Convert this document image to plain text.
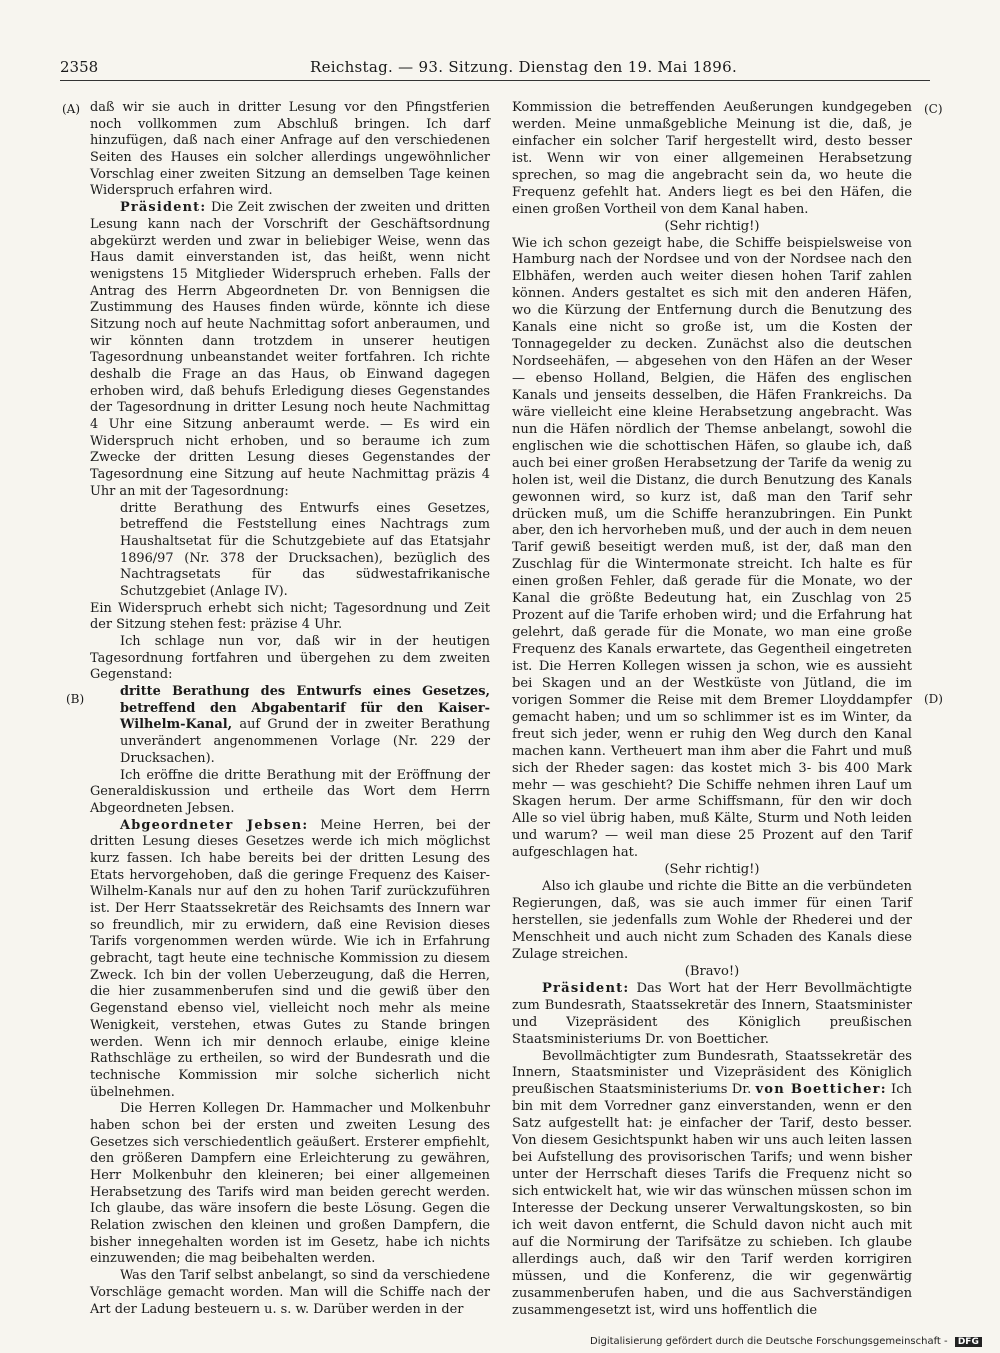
2358	Reichstag. — 93. Sitzung. Dienstag den 19. Mai 1896.
(A)
(B)
(C)
(D)

daß wir sie auch in dritter Lesung vor den Pfingstferien noch vollkommen zum Abschluß bringen. Ich darf hinzufügen, daß nach einer Anfrage auf den verschiedenen Seiten des Hauses ein solcher allerdings ungewöhnlicher Vorschlag einer zweiten Sitzung an demselben Tage keinen Widerspruch erfahren wird.

Präsident: Die Zeit zwischen der zweiten und dritten Lesung kann nach der Vorschrift der Geschäftsordnung abgekürzt werden und zwar in beliebiger Weise, wenn das Haus damit einverstanden ist, das heißt, wenn nicht wenigstens 15 Mitglieder Widerspruch erheben. Falls der Antrag des Herrn Abgeordneten Dr. von Bennigsen die Zustimmung des Hauses finden würde, könnte ich diese Sitzung noch auf heute Nachmittag sofort anberaumen, und wir könnten dann trotzdem in unserer heutigen Tagesordnung unbeanstandet weiter fortfahren. Ich richte deshalb die Frage an das Haus, ob Einwand dagegen erhoben wird, daß behufs Erledigung dieses Gegenstandes der Tagesordnung in dritter Lesung noch heute Nachmittag 4 Uhr eine Sitzung anberaumt werde. — Es wird ein Widerspruch nicht erhoben, und so beraume ich zum Zwecke der dritten Lesung dieses Gegenstandes der Tagesordnung eine Sitzung auf heute Nachmittag präzis 4 Uhr an mit der Tagesordnung:

dritte Berathung des Entwurfs eines Gesetzes, betreffend die Feststellung eines Nachtrags zum Haushaltsetat für die Schutzgebiete auf das Etatsjahr 1896/97 (Nr. 378 der Drucksachen), bezüglich des Nachtragsetats für das südwestafrikanische Schutzgebiet (Anlage IV).

Ein Widerspruch erhebt sich nicht; Tagesordnung und Zeit der Sitzung stehen fest: präzise 4 Uhr.

Ich schlage nun vor, daß wir in der heutigen Tagesordnung fortfahren und übergehen zu dem zweiten Gegenstand:

dritte Berathung des Entwurfs eines Gesetzes, betreffend den Abgabentarif für den Kaiser-Wilhelm-Kanal, auf Grund der in zweiter Berathung unverändert angenommenen Vorlage (Nr. 229 der Drucksachen).

Ich eröffne die dritte Berathung mit der Eröffnung der Generaldiskussion und ertheile das Wort dem Herrn Abgeordneten Jebsen.

Abgeordneter Jebsen: Meine Herren, bei der dritten Lesung dieses Gesetzes werde ich mich möglichst kurz fassen. Ich habe bereits bei der dritten Lesung des Etats hervorgehoben, daß die geringe Frequenz des Kaiser-Wilhelm-Kanals nur auf den zu hohen Tarif zurückzuführen ist. Der Herr Staatssekretär des Reichsamts des Innern war so freundlich, mir zu erwidern, daß eine Revision dieses Tarifs vorgenommen werden würde. Wie ich in Erfahrung gebracht, tagt heute eine technische Kommission zu diesem Zweck. Ich bin der vollen Ueberzeugung, daß die Herren, die hier zusammenberufen sind und die gewiß über den Gegenstand ebenso viel, vielleicht noch mehr als meine Wenigkeit, verstehen, etwas Gutes zu Stande bringen werden. Wenn ich mir dennoch erlaube, einige kleine Rathschläge zu ertheilen, so wird der Bundesrath und die technische Kommission mir solche sicherlich nicht übelnehmen.

Die Herren Kollegen Dr. Hammacher und Molkenbuhr haben schon bei der ersten und zweiten Lesung des Gesetzes sich verschiedentlich geäußert. Ersterer empfiehlt, den größeren Dampfern eine Erleichterung zu gewähren, Herr Molkenbuhr den kleineren; bei einer allgemeinen Herabsetzung des Tarifs wird man beiden gerecht werden. Ich glaube, das wäre insofern die beste Lösung. Gegen die Relation zwischen den kleinen und großen Dampfern, die bisher innegehalten worden ist im Gesetz, habe ich nichts einzuwenden; die mag beibehalten werden.

Was den Tarif selbst anbelangt, so sind da verschiedene Vorschläge gemacht worden. Man will die Schiffe nach der Art der Ladung besteuern u. s. w. Darüber werden in der

Kommission die betreffenden Aeußerungen kundgegeben werden. Meine unmaßgebliche Meinung ist die, daß, je einfacher ein solcher Tarif hergestellt wird, desto besser ist. Wenn wir von einer allgemeinen Herabsetzung sprechen, so mag die angebracht sein da, wo heute die Frequenz gefehlt hat. Anders liegt es bei den Häfen, die einen großen Vortheil von dem Kanal haben.

(Sehr richtig!)

Wie ich schon gezeigt habe, die Schiffe beispielsweise von Hamburg nach der Nordsee und von der Nordsee nach den Elbhäfen, werden auch weiter diesen hohen Tarif zahlen können. Anders gestaltet es sich mit den anderen Häfen, wo die Kürzung der Entfernung durch die Benutzung des Kanals eine nicht so große ist, um die Kosten der Tonnagegelder zu decken. Zunächst also die deutschen Nordseehäfen, — abgesehen von den Häfen an der Weser — ebenso Holland, Belgien, die Häfen des englischen Kanals und jenseits desselben, die Häfen Frankreichs. Da wäre vielleicht eine kleine Herabsetzung angebracht. Was nun die Häfen nördlich der Themse anbelangt, sowohl die englischen wie die schottischen Häfen, so glaube ich, daß auch bei einer großen Herabsetzung der Tarife da wenig zu holen ist, weil die Distanz, die durch Benutzung des Kanals gewonnen wird, so kurz ist, daß man den Tarif sehr drücken muß, um die Schiffe heranzubringen. Ein Punkt aber, den ich hervorheben muß, und der auch in dem neuen Tarif gewiß beseitigt werden muß, ist der, daß man den Zuschlag für die Wintermonate streicht. Ich halte es für einen großen Fehler, daß gerade für die Monate, wo der Kanal die größte Bedeutung hat, ein Zuschlag von 25 Prozent auf die Tarife erhoben wird; und die Erfahrung hat gelehrt, daß gerade für die Monate, wo man eine große Frequenz des Kanals erwartete, das Gegentheil eingetreten ist. Die Herren Kollegen wissen ja schon, wie es aussieht bei Skagen und an der Westküste von Jütland, die im vorigen Sommer die Reise mit dem Bremer Lloyddampfer gemacht haben; und um so schlimmer ist es im Winter, da freut sich jeder, wenn er ruhig den Weg durch den Kanal machen kann. Vertheuert man ihm aber die Fahrt und muß sich der Rheder sagen: das kostet mich 3- bis 400 Mark mehr — was geschieht? Die Schiffe nehmen ihren Lauf um Skagen herum. Der arme Schiffsmann, für den wir doch Alle so viel übrig haben, muß Kälte, Sturm und Noth leiden und warum? — weil man diese 25 Prozent auf den Tarif aufgeschlagen hat.

(Sehr richtig!)

Also ich glaube und richte die Bitte an die verbündeten Regierungen, daß, was sie auch immer für einen Tarif herstellen, sie jedenfalls zum Wohle der Rhederei und der Menschheit und auch nicht zum Schaden des Kanals diese Zulage streichen.

(Bravo!)

Präsident: Das Wort hat der Herr Bevollmächtigte zum Bundesrath, Staatssekretär des Innern, Staatsminister und Vizepräsident des Königlich preußischen Staatsministeriums Dr. von Boetticher.

Bevollmächtigter zum Bundesrath, Staatssekretär des Innern, Staatsminister und Vizepräsident des Königlich preußischen Staatsministeriums Dr. von Boetticher: Ich bin mit dem Vorredner ganz einverstanden, wenn er den Satz aufgestellt hat: je einfacher der Tarif, desto besser. Von diesem Gesichtspunkt haben wir uns auch leiten lassen bei Aufstellung des provisorischen Tarifs; und wenn bisher unter der Herrschaft dieses Tarifs die Frequenz nicht so sich entwickelt hat, wie wir das wünschen müssen schon im Interesse der Deckung unserer Verwaltungskosten, so bin ich weit davon entfernt, die Schuld davon nicht auch mit auf die Normirung der Tarifsätze zu schieben. Ich glaube allerdings auch, daß wir den Tarif werden korrigiren müssen, und die Konferenz, die wir gegenwärtig zusammenberufen haben, und die aus Sachverständigen zusammengesetzt ist, wird uns hoffentlich die

Digitalisierung gefördert durch die Deutsche Forschungsgemeinschaft - DFG
